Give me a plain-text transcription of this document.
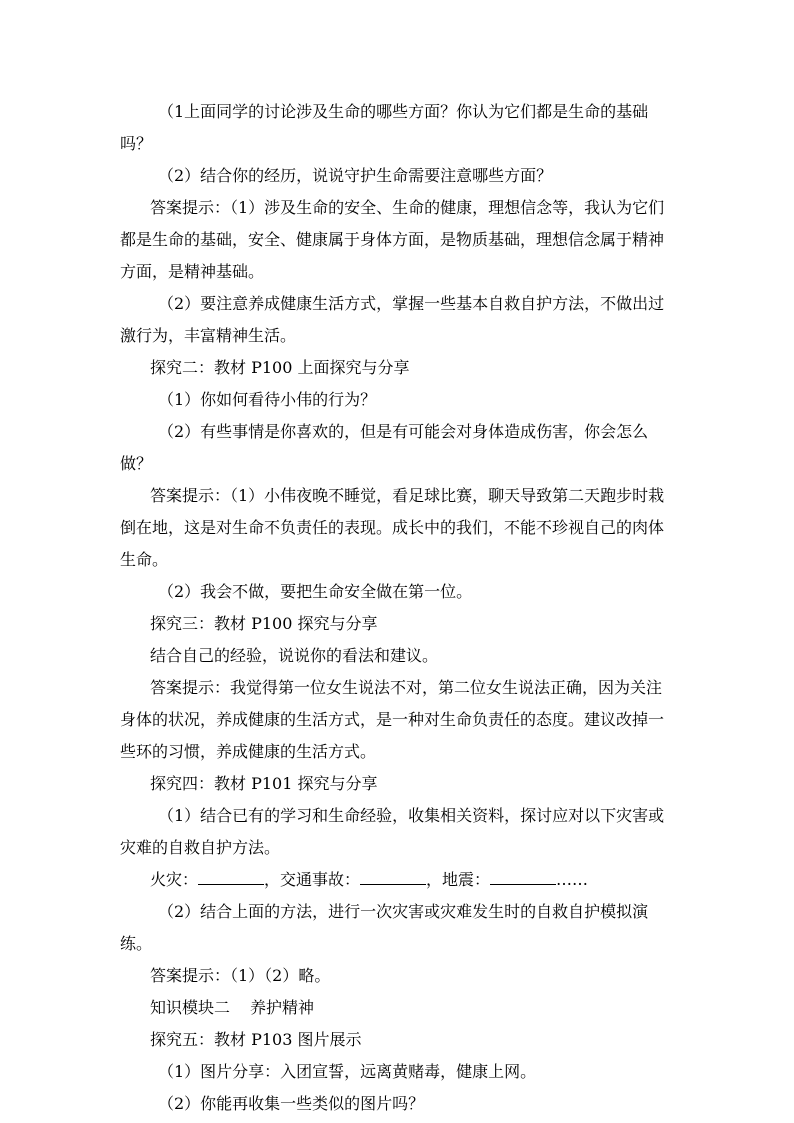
（1上面同学的讨论涉及生命的哪些方面？你认为它们都是生命的基础吗？

（2）结合你的经历，说说守护生命需要注意哪些方面？

答案提示：（1）涉及生命的安全、生命的健康，理想信念等，我认为它们都是生命的基础，安全、健康属于身体方面，是物质基础，理想信念属于精神方面，是精神基础。

（2）要注意养成健康生活方式，掌握一些基本自救自护方法，不做出过激行为，丰富精神生活。

探究二：教材 P100 上面探究与分享

（1）你如何看待小伟的行为？

（2）有些事情是你喜欢的，但是有可能会对身体造成伤害，你会怎么做？

答案提示：（1）小伟夜晚不睡觉，看足球比赛，聊天导致第二天跑步时栽倒在地，这是对生命不负责任的表现。成长中的我们，不能不珍视自己的肉体生命。

（2）我会不做，要把生命安全做在第一位。

探究三：教材 P100 探究与分享

结合自己的经验，说说你的看法和建议。

答案提示：我觉得第一位女生说法不对，第二位女生说法正确，因为关注身体的状况，养成健康的生活方式，是一种对生命负责任的态度。建议改掉一些环的习惯，养成健康的生活方式。

探究四：教材 P101 探究与分享

（1）结合已有的学习和生命经验，收集相关资料，探讨应对以下灾害或灾难的自救自护方法。

火灾：	，交通事故：	，地震：	……

（2）结合上面的方法，进行一次灾害或灾难发生时的自救自护模拟演练。

答案提示：（1）（2）略。

知识模块二 养护精神

探究五：教材 P103 图片展示

（1）图片分享：入团宣誓，远离黄赌毒，健康上网。

（2）你能再收集一些类似的图片吗？
